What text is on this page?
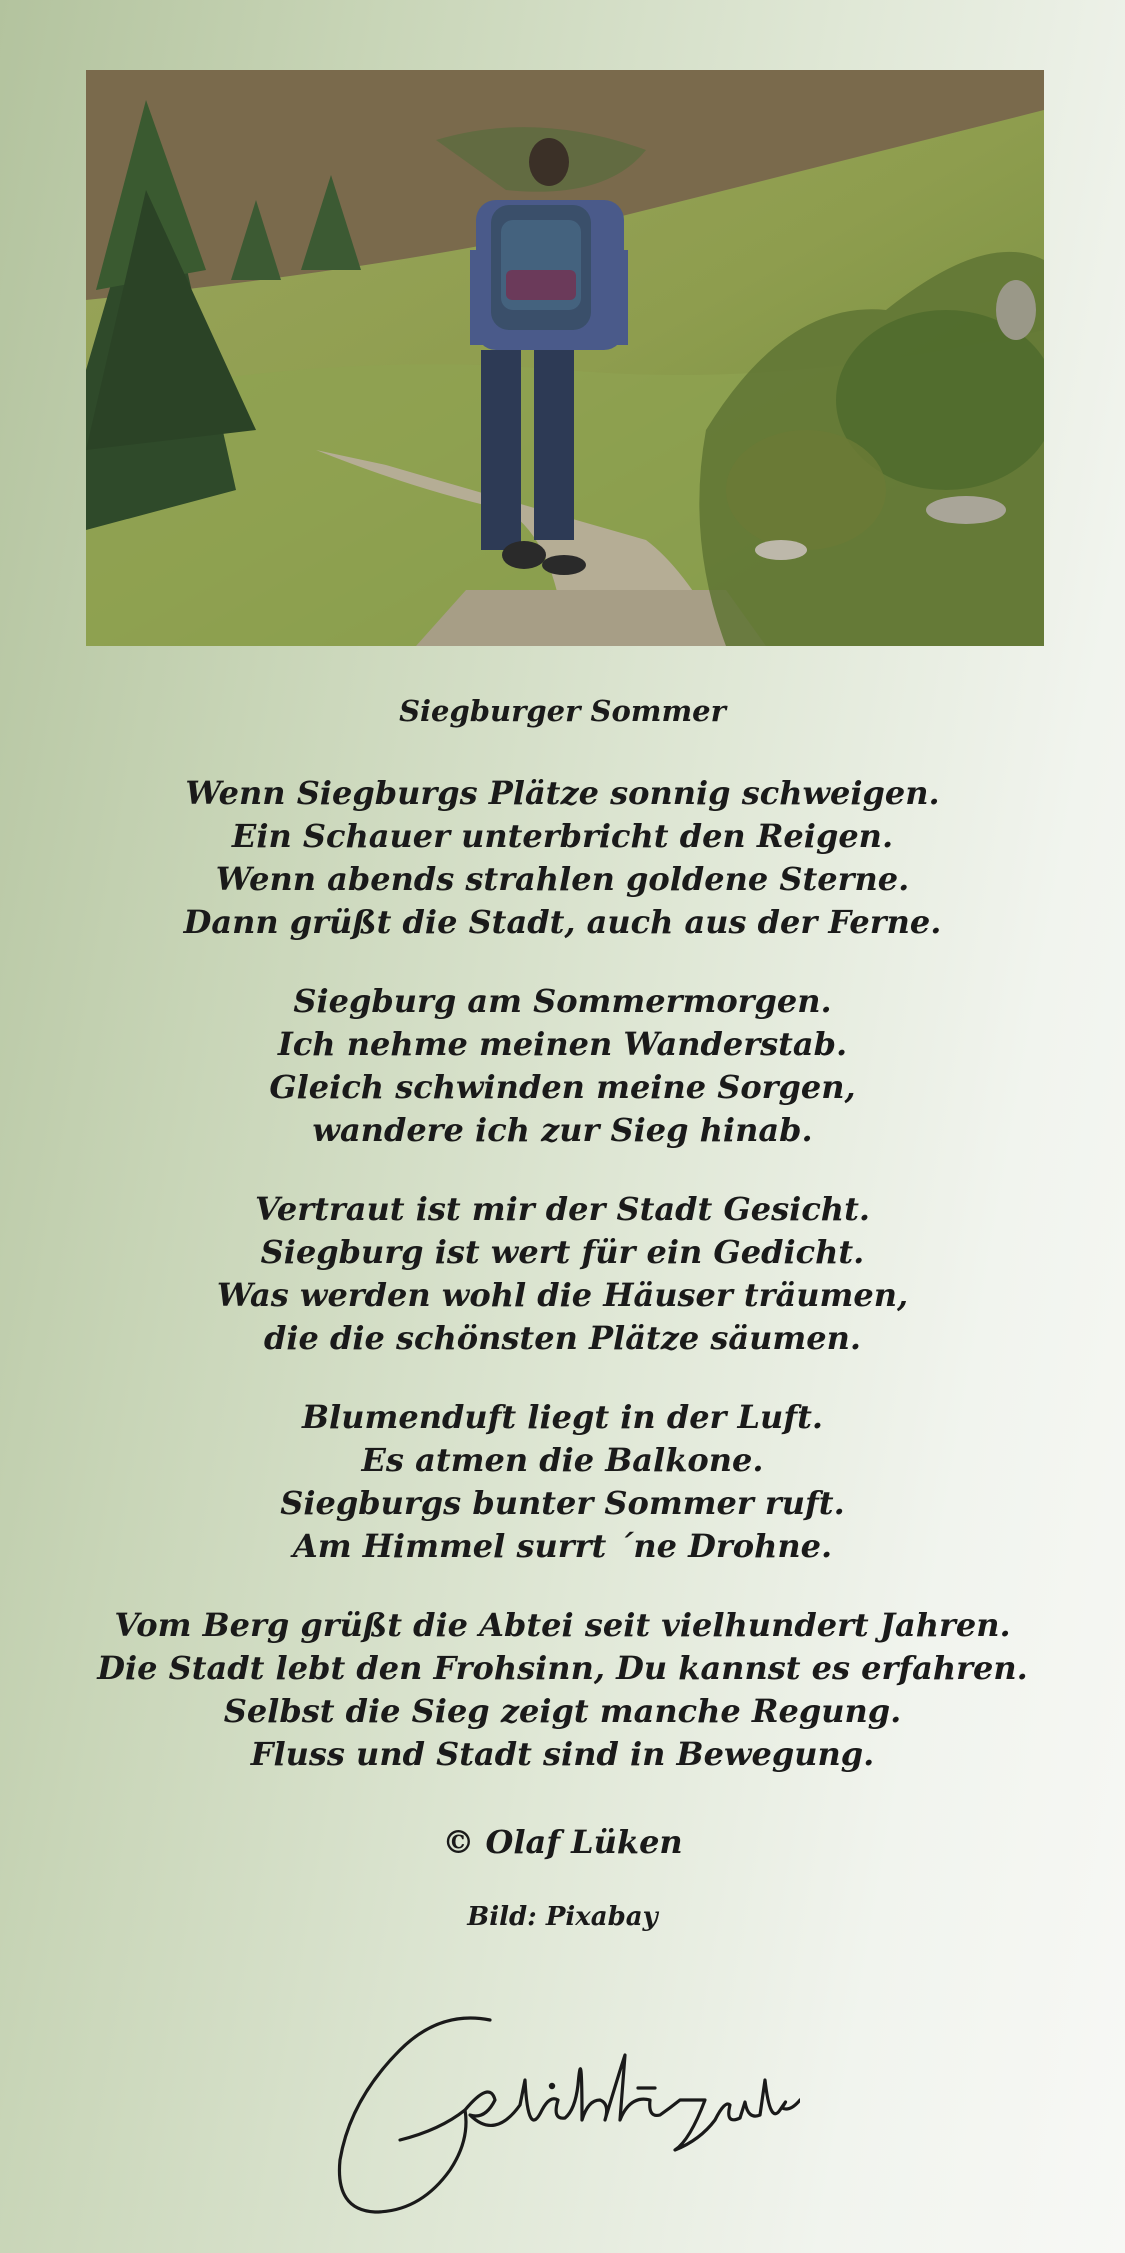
Siegburger Sommer
Wenn Siegburgs Plätze sonnig schweigen.
Ein Schauer unterbricht den Reigen.
Wenn abends strahlen goldene Sterne.
Dann grüßt die Stadt, auch aus der Ferne.
Siegburg am Sommermorgen.
Ich nehme meinen Wanderstab.
Gleich schwinden meine Sorgen,
wandere ich zur Sieg hinab.
Vertraut ist mir der Stadt Gesicht.
Siegburg ist wert für ein Gedicht.
Was werden wohl die Häuser träumen,
die die schönsten Plätze säumen.
Blumenduft liegt in der Luft.
Es atmen die Balkone.
Siegburgs bunter Sommer ruft.
Am Himmel surrt ´ne Drohne.
Vom Berg grüßt die Abtei seit vielhundert Jahren.
Die Stadt lebt den Frohsinn, Du kannst es erfahren.
Selbst die Sieg zeigt manche Regung.
Fluss und Stadt sind in Bewegung.
© Olaf Lüken
Bild: Pixabay
